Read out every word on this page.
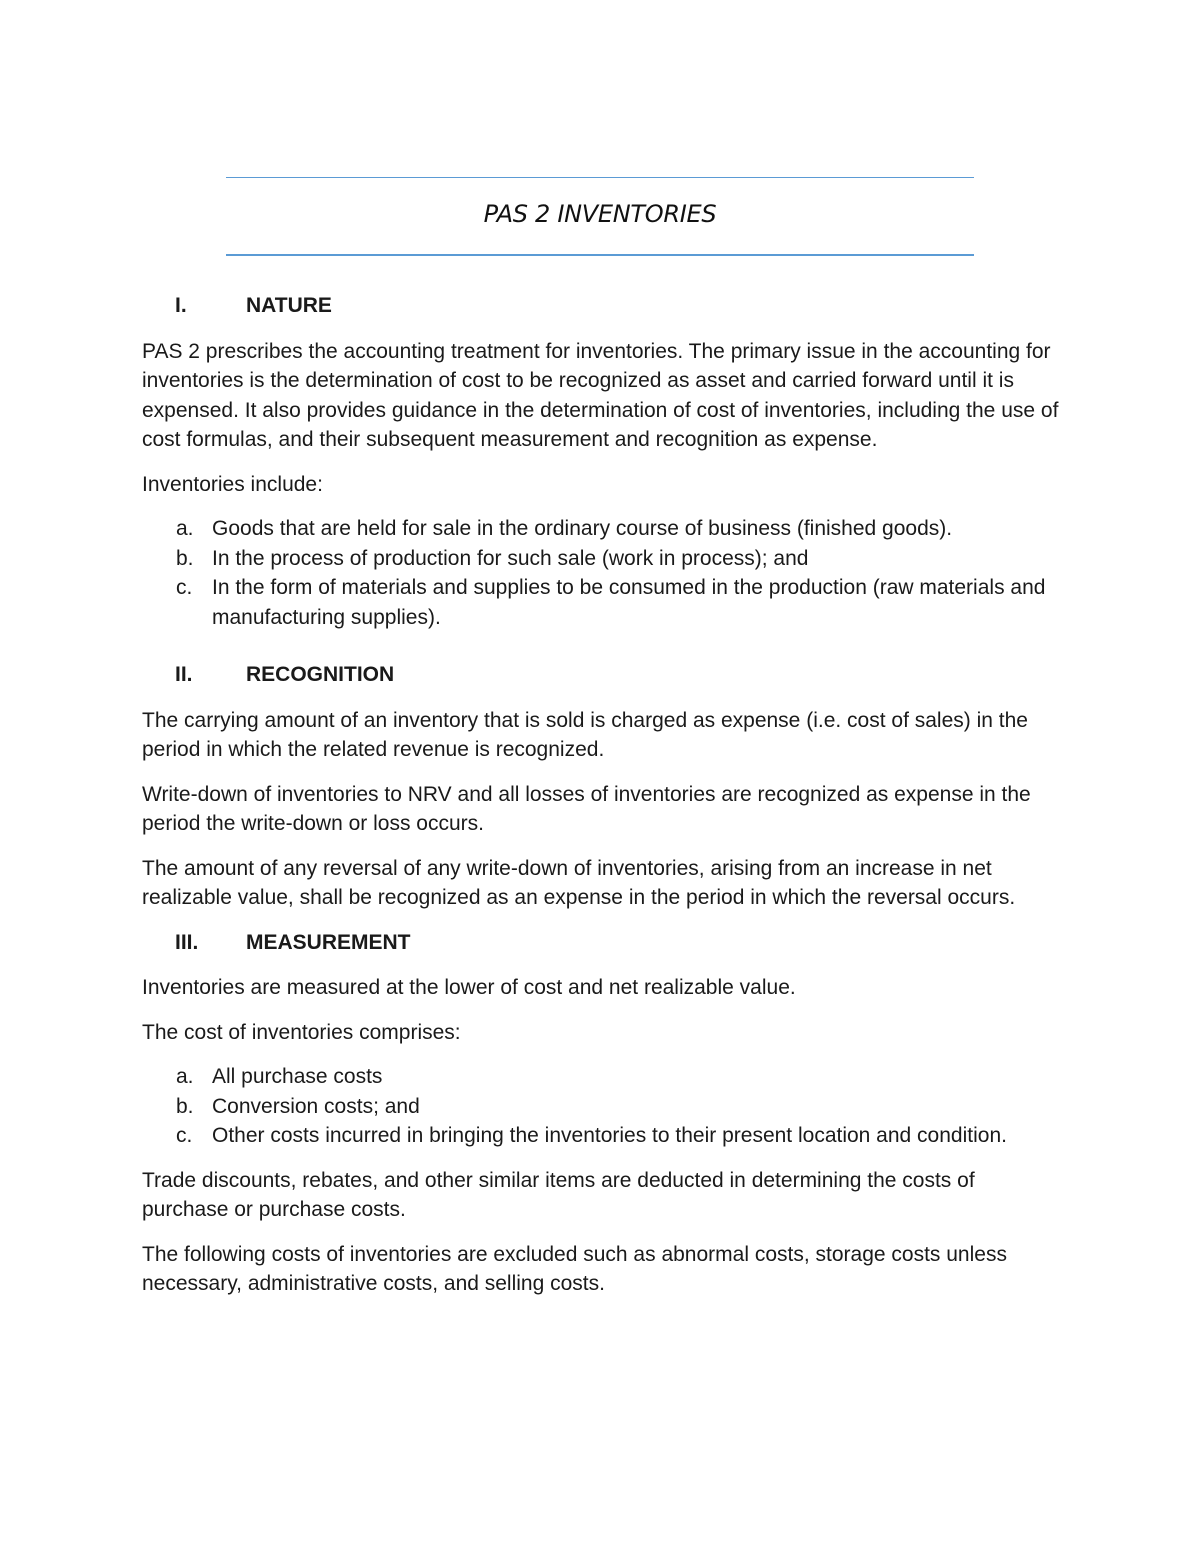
PAS 2 INVENTORIES
I.	NATURE

PAS 2 prescribes the accounting treatment for inventories. The primary issue in the accounting for inventories is the determination of cost to be recognized as asset and carried forward until it is expensed. It also provides guidance in the determination of cost of inventories, including the use of cost formulas, and their subsequent measurement and recognition as expense.

Inventories include:

a. Goods that are held for sale in the ordinary course of business (finished goods).
b. In the process of production for such sale (work in process); and
c. In the form of materials and supplies to be consumed in the production (raw materials and manufacturing supplies).
II.	RECOGNITION

The carrying amount of an inventory that is sold is charged as expense (i.e. cost of sales) in the period in which the related revenue is recognized.

Write-down of inventories to NRV and all losses of inventories are recognized as expense in the period the write-down or loss occurs.

The amount of any reversal of any write-down of inventories, arising from an increase in net realizable value, shall be recognized as an expense in the period in which the reversal occurs.

III.	MEASUREMENT

Inventories are measured at the lower of cost and net realizable value.

The cost of inventories comprises:

a. All purchase costs
b. Conversion costs; and
c. Other costs incurred in bringing the inventories to their present location and condition.

Trade discounts, rebates, and other similar items are deducted in determining the costs of purchase or purchase costs.

The following costs of inventories are excluded such as abnormal costs, storage costs unless necessary, administrative costs, and selling costs.
